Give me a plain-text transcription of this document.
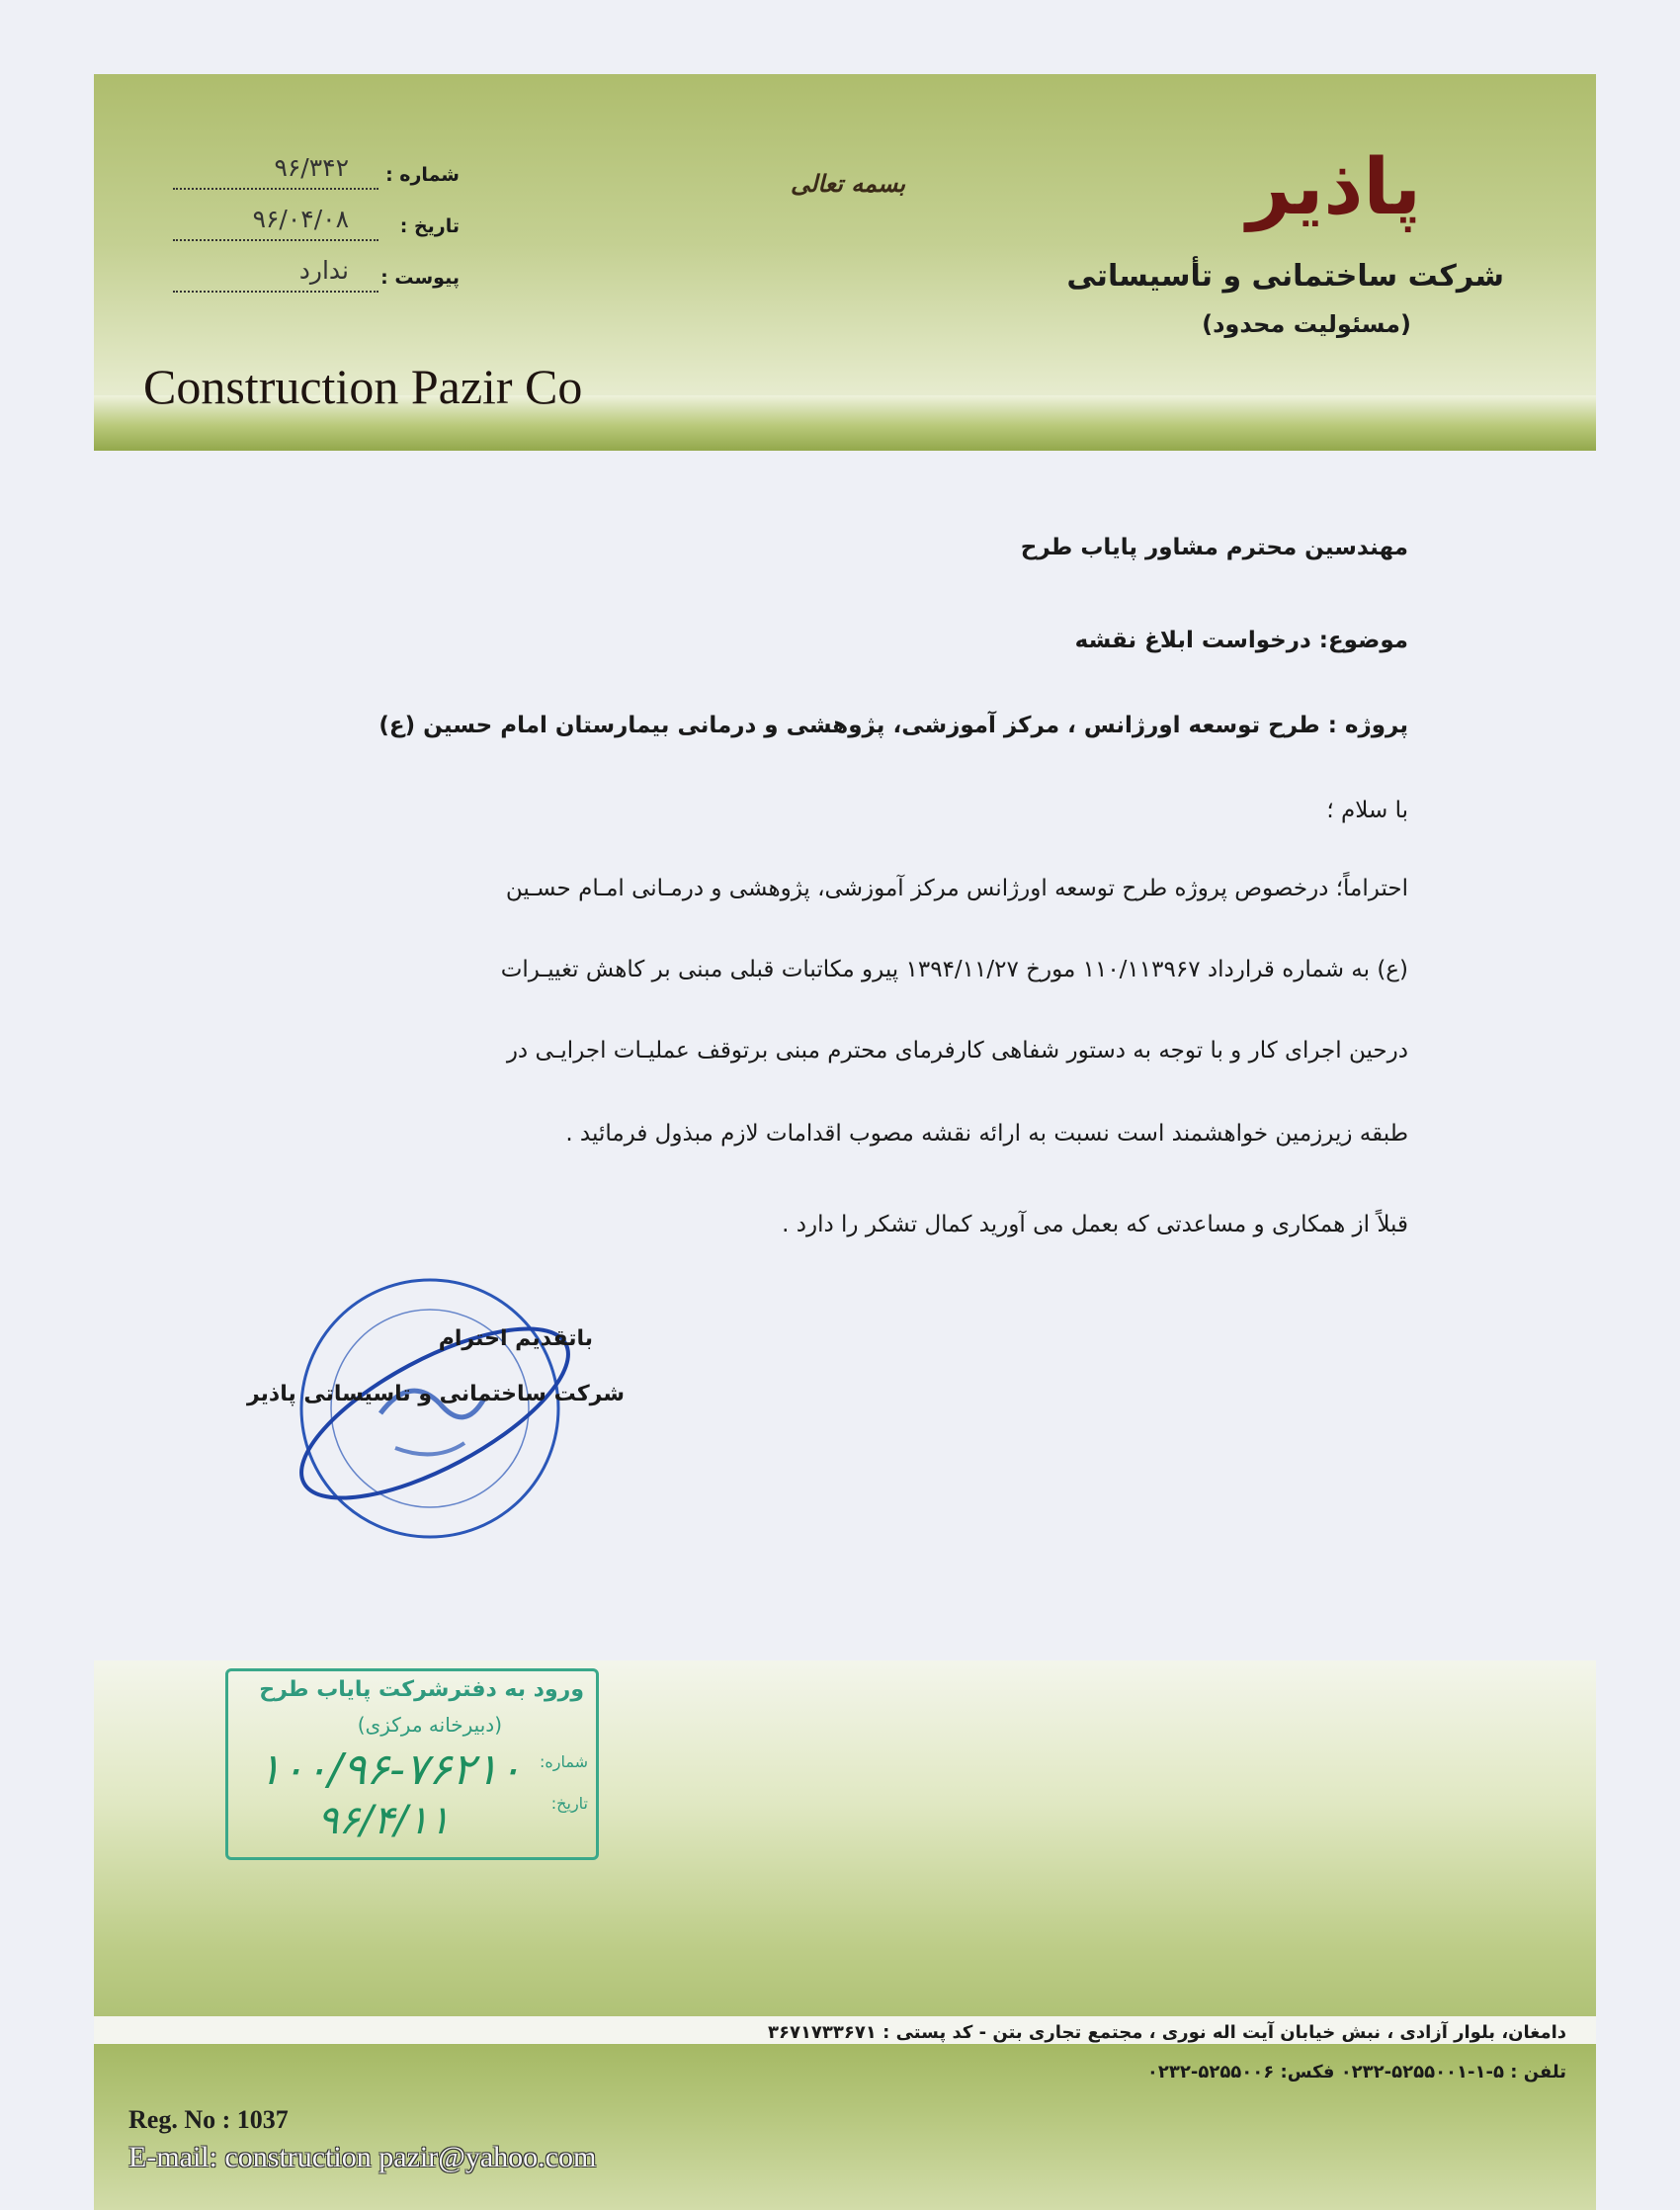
پاذیر
شرکت ساختمانی و تأسیساتی
(مسئولیت محدود)
بسمه تعالی
Construction Pazir Co
شماره :
۹۶/۳۴۲
تاریخ :
۹۶/۰۴/۰۸
پیوست :
ندارد
مهندسین محترم مشاور پایاب طرح
موضوع: درخواست ابلاغ نقشه
پروژه : طرح توسعه اورژانس ، مرکز آموزشی، پژوهشی و درمانی بیمارستان امام حسین (ع)
با سلام ؛
احتراماً؛ درخصوص پروژه طرح توسعه اورژانس مرکز آموزشی، پژوهشی و درمـانی امـام حسـین
(ع) به شماره قرارداد ۱۱۰/۱۱۳۹۶۷ مورخ ۱۳۹۴/۱۱/۲۷ پیرو مکاتبات قبلی مبنی بر کاهش تغییـرات
درحین اجرای کار و با توجه به دستور شفاهی کارفرمای محترم مبنی برتوقف عملیـات اجرایـی در
طبقه زیرزمین خواهشمند است نسبت به ارائه نقشه مصوب اقدامات لازم مبذول فرمائید .
قبلاً از همکاری و مساعدتی که بعمل می آورید کمال تشکر را دارد .
باتقدیم احترام
شرکت ساختمانی و تاسیساتی پاذیر
ورود به دفترشرکت پایاب طرح
(دبیرخانه مرکزی)
شماره:
تاریخ:
۱۰۰/۹۶-۷۶۲۱۰
۹۶/۴/۱۱
دامغان، بلوار آزادی ، نبش خیابان آیت اله نوری ، مجتمع تجاری بتن - کد پستی : ۳۶۷۱۷۳۳۶۷۱
تلفن : ۵-۱-۵۲۵۵۰۰۱-۰۲۳۲ فکس: ۵۲۵۵۰۰۶-۰۲۳۲
Reg. No : 1037
E-mail: construction pazir@yahoo.com
